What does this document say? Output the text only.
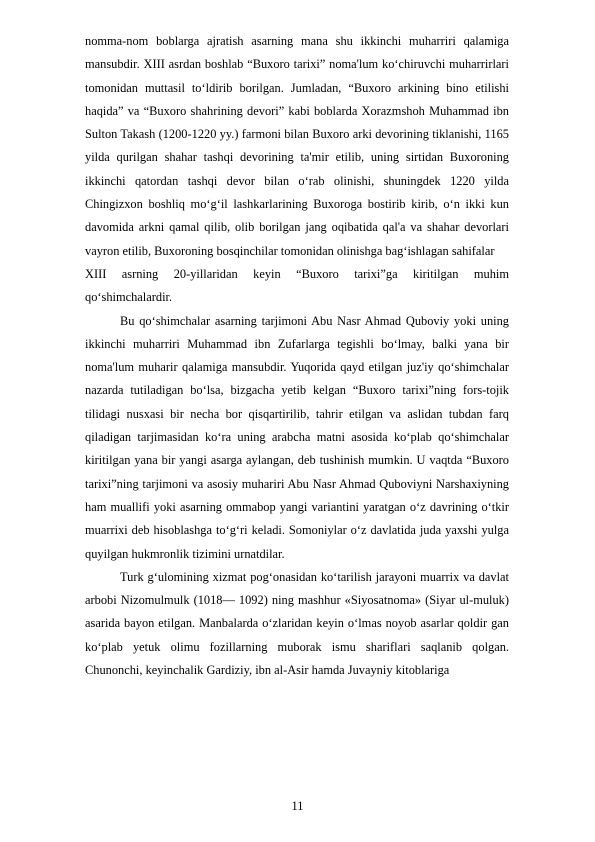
nomma-nom boblarga ajratish asarning mana shu ikkinchi muharriri qalamiga mansubdir. XIII asrdan boshlab “Buxoro tarixi” noma'lum ko‘chiruvchi muharrirlari tomonidan muttasil to‘ldirib borilgan. Jumladan, “Buxoro arkining bino etilishi haqida” va “Buxoro shahrining devori” kabi boblarda Xorazmshoh Muhammad ibn Sulton Takash (1200-1220 yy.) farmoni bilan Buxoro arki devorining tiklanishi, 1165 yilda qurilgan shahar tashqi devorining ta'mir etilib, uning sirtidan Buxoroning ikkinchi qatordan tashqi devor bilan o‘rab olinishi, shuningdek 1220 yilda Chingizxon boshliq mo‘g‘il lashkarlarining Buxoroga bostirib kirib, o‘n ikki kun davomida arkni qamal qilib, olib borilgan jang oqibatida qal'a va shahar devorlari vayron etilib, Buxoroning bosqinchilar tomonidan olinishga bag‘ishlagan sahifalar

XIII asrning 20-yillaridan keyin “Buxoro tarixi”ga kiritilgan muhim qo‘shimchalardir.

Bu qo‘shimchalar asarning tarjimoni Abu Nasr Ahmad Quboviy yoki uning ikkinchi muharriri Muhammad ibn Zufarlarga tegishli bo‘lmay, balki yana bir noma'lum muharir qalamiga mansubdir. Yuqorida qayd etilgan juz'iy qo‘shimchalar nazarda tutiladigan bo‘lsa, bizgacha yetib kelgan “Buxoro tarixi”ning fors-tojik tilidagi nusxasi bir necha bor qisqartirilib, tahrir etilgan va aslidan tubdan farq qiladigan tarjimasidan ko‘ra uning arabcha matni asosida ko‘plab qo‘shimchalar kiritilgan yana bir yangi asarga aylangan, deb tushinish mumkin. U vaqtda “Buxoro tarixi”ning tarjimoni va asosiy muhariri Abu Nasr Ahmad Quboviyni Narshaxiyning ham muallifi yoki asarning ommabop yangi variantini yaratgan o‘z davrining o‘tkir muarrixi deb hisoblashga to‘g‘ri keladi. Somoniylar o‘z davlatida juda yaxshi yulga quyilgan hukmronlik tizimini urnatdilar.

Turk g‘ulomining xizmat pog‘onasidan ko‘tarilish jarayoni muarrix va davlat arbobi Nizomulmulk (1018— 1092) ning mashhur «Siyosatnoma» (Siyar ul-muluk) asarida bayon etilgan. Manbalarda o‘zlaridan keyin o‘lmas noyob asarlar qoldir gan ko‘plab yetuk olimu fozillarning muborak ismu shariflari saqlanib qolgan. Chunonchi, keyinchalik Gardiziy, ibn al-Asir hamda Juvayniy kitoblariga

11
